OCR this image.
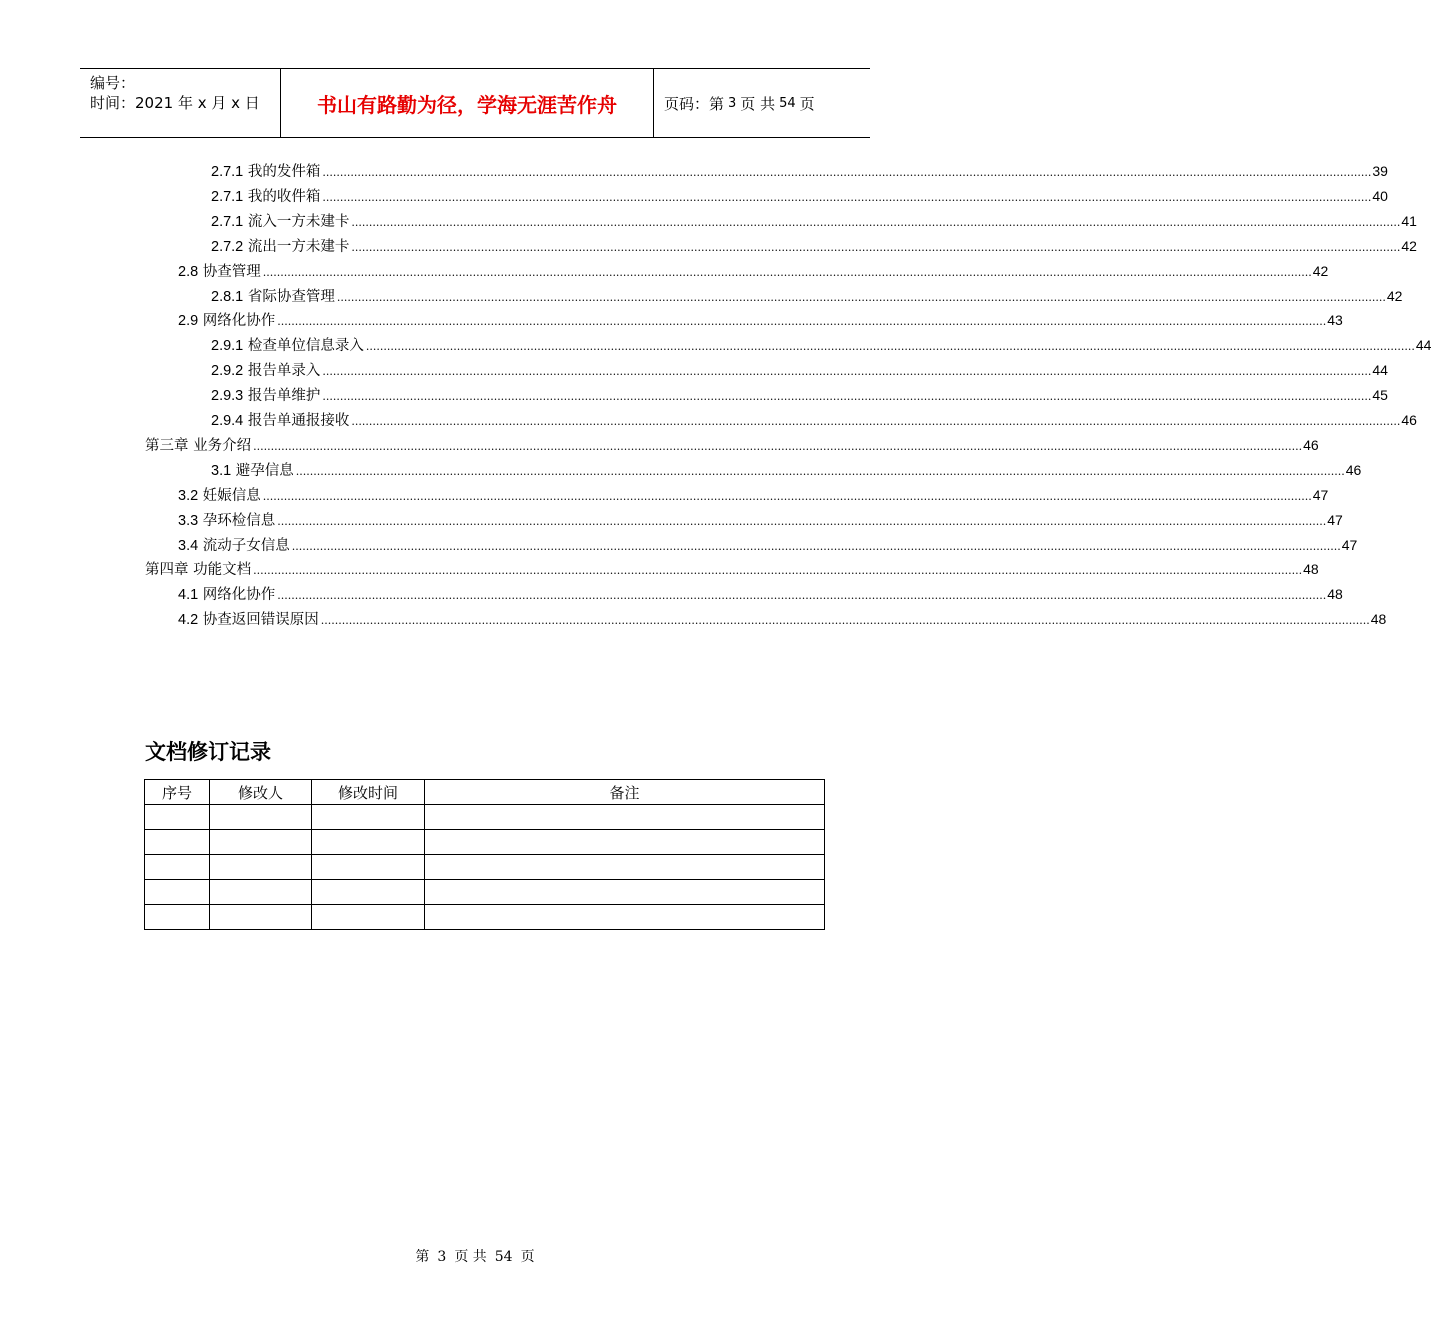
编号：
时间：2021 年 x 月 x 日	书山有路勤为径，学海无涯苦作舟	页码：第 3 页 共 54 页
2.7.1 我的发件箱 ............................................................................................................................................................................................................................................................................................................ 39
2.7.1 我的收件箱 ............................................................................................................................................................................................................................................................................................................ 40
2.7.1 流入一方未建卡 ............................................................................................................................................................................................................................................................................................................ 41
2.7.2 流出一方未建卡 ............................................................................................................................................................................................................................................................................................................ 42
2.8 协查管理 ............................................................................................................................................................................................................................................................................................................ 42
2.8.1 省际协查管理 ............................................................................................................................................................................................................................................................................................................ 42
2.9 网络化协作 ............................................................................................................................................................................................................................................................................................................ 43
2.9.1 检查单位信息录入 ............................................................................................................................................................................................................................................................................................................ 44
2.9.2 报告单录入 ............................................................................................................................................................................................................................................................................................................ 44
2.9.3 报告单维护 ............................................................................................................................................................................................................................................................................................................ 45
2.9.4 报告单通报接收 ............................................................................................................................................................................................................................................................................................................ 46
第三章 业务介绍 ............................................................................................................................................................................................................................................................................................................ 46
3.1 避孕信息 ............................................................................................................................................................................................................................................................................................................ 46
3.2 妊娠信息 ............................................................................................................................................................................................................................................................................................................ 47
3.3 孕环检信息 ............................................................................................................................................................................................................................................................................................................ 47
3.4 流动子女信息 ............................................................................................................................................................................................................................................................................................................ 47
第四章 功能文档 ............................................................................................................................................................................................................................................................................................................ 48
4.1 网络化协作 ............................................................................................................................................................................................................................................................................................................ 48
4.2 协查返回错误原因 ............................................................................................................................................................................................................................................................................................................ 48
文档修订记录
序号	修改人	修改时间	备注

第 3 页 共 54 页
